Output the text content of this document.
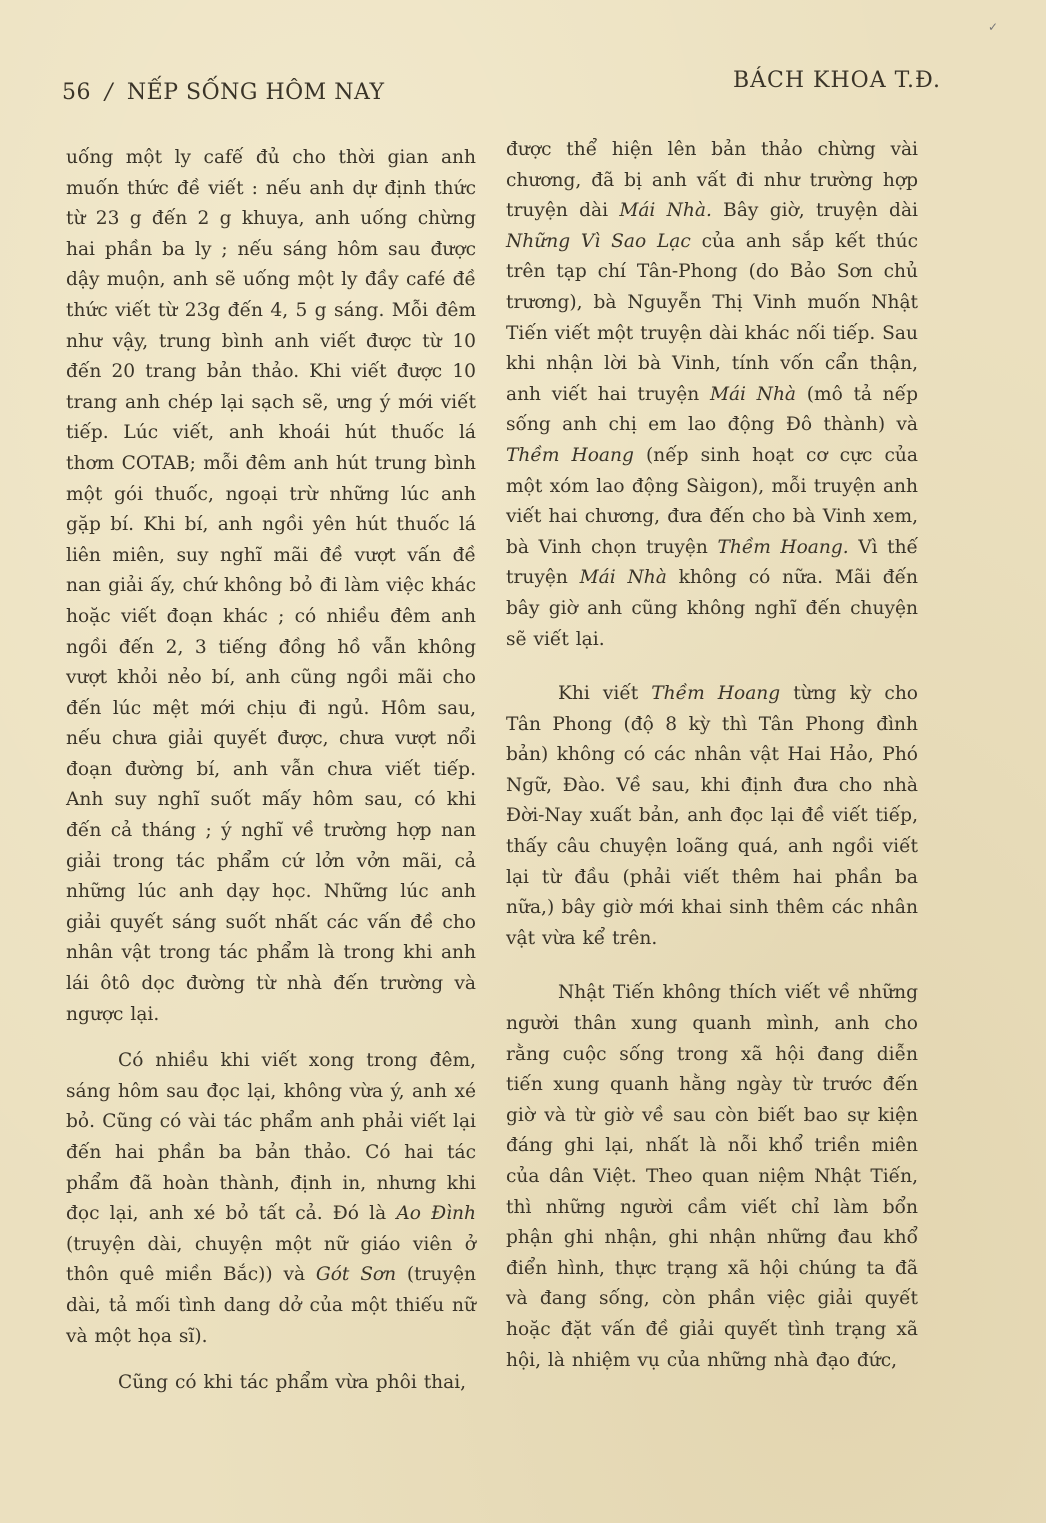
56 / NẾP SỐNG HÔM NAY	BÁCH KHOA T.Đ.

uống một ly cafế đủ cho thời gian anh muốn thức đề viết : nếu anh dự định thức từ 23 g đến 2 g khuya, anh uống chừng hai phần ba ly ; nếu sáng hôm sau được dậy muộn, anh sẽ uống một ly đầy café đề thức viết từ 23g đến 4, 5 g sáng. Mỗi đêm như vậy, trung bình anh viết được từ 10 đến 20 trang bản thảo. Khi viết được 10 trang anh chép lại sạch sẽ, ưng ý mới viết tiếp. Lúc viết, anh khoái hút thuốc lá thơm COTAB; mỗi đêm anh hút trung bình một gói thuốc, ngoại trừ những lúc anh gặp bí. Khi bí, anh ngồi yên hút thuốc lá liên miên, suy nghĩ mãi đề vượt vấn đề nan giải ấy, chứ không bỏ đi làm việc khác hoặc viết đoạn khác ; có nhiều đêm anh ngồi đến 2, 3 tiếng đồng hồ vẫn không vượt khỏi nẻo bí, anh cũng ngồi mãi cho đến lúc mệt mới chịu đi ngủ. Hôm sau, nếu chưa giải quyết được, chưa vượt nổi đoạn đường bí, anh vẫn chưa viết tiếp. Anh suy nghĩ suốt mấy hôm sau, có khi đến cả tháng ; ý nghĩ về trường hợp nan giải trong tác phẩm cứ lởn vởn mãi, cả những lúc anh dạy học. Những lúc anh giải quyết sáng suốt nhất các vấn đề cho nhân vật trong tác phẩm là trong khi anh lái ôtô dọc đường từ nhà đến trường và ngược lại.

Có nhiều khi viết xong trong đêm, sáng hôm sau đọc lại, không vừa ý, anh xé bỏ. Cũng có vài tác phẩm anh phải viết lại đến hai phần ba bản thảo. Có hai tác phẩm đã hoàn thành, định in, nhưng khi đọc lại, anh xé bỏ tất cả. Đó là Ao Đình (truyện dài, chuyện một nữ giáo viên ở thôn quê miền Bắc)) và Gót Sơn (truyện dài, tả mối tình dang dở của một thiếu nữ và một họa sĩ).

Cũng có khi tác phẩm vừa phôi thai,

được thể hiện lên bản thảo chừng vài chương, đã bị anh vất đi như trường hợp truyện dài Mái Nhà. Bây giờ, truyện dài Những Vì Sao Lạc của anh sắp kết thúc trên tạp chí Tân-Phong (do Bảo Sơn chủ trương), bà Nguyễn Thị Vinh muốn Nhật Tiến viết một truyện dài khác nối tiếp. Sau khi nhận lời bà Vinh, tính vốn cẩn thận, anh viết hai truyện Mái Nhà (mô tả nếp sống anh chị em lao động Đô thành) và Thềm Hoang (nếp sinh hoạt cơ cực của một xóm lao động Sàigon), mỗi truyện anh viết hai chương, đưa đến cho bà Vinh xem, bà Vinh chọn truyện Thềm Hoang. Vì thế truyện Mái Nhà không có nữa. Mãi đến bây giờ anh cũng không nghĩ đến chuyện sẽ viết lại.

Khi viết Thềm Hoang từng kỳ cho Tân Phong (độ 8 kỳ thì Tân Phong đình bản) không có các nhân vật Hai Hảo, Phó Ngữ, Đào. Về sau, khi định đưa cho nhà Đời-Nay xuất bản, anh đọc lại đề viết tiếp, thấy câu chuyện loãng quá, anh ngồi viết lại từ đầu (phải viết thêm hai phần ba nữa,) bây giờ mới khai sinh thêm các nhân vật vừa kể trên.

Nhật Tiến không thích viết về những người thân xung quanh mình, anh cho rằng cuộc sống trong xã hội đang diễn tiến xung quanh hằng ngày từ trước đến giờ và từ giờ về sau còn biết bao sự kiện đáng ghi lại, nhất là nỗi khổ triền miên của dân Việt. Theo quan niệm Nhật Tiến, thì những người cầm viết chỉ làm bổn phận ghi nhận, ghi nhận những đau khổ điển hình, thực trạng xã hội chúng ta đã và đang sống, còn phần việc giải quyết hoặc đặt vấn đề giải quyết tình trạng xã hội, là nhiệm vụ của những nhà đạo đức,

✓
